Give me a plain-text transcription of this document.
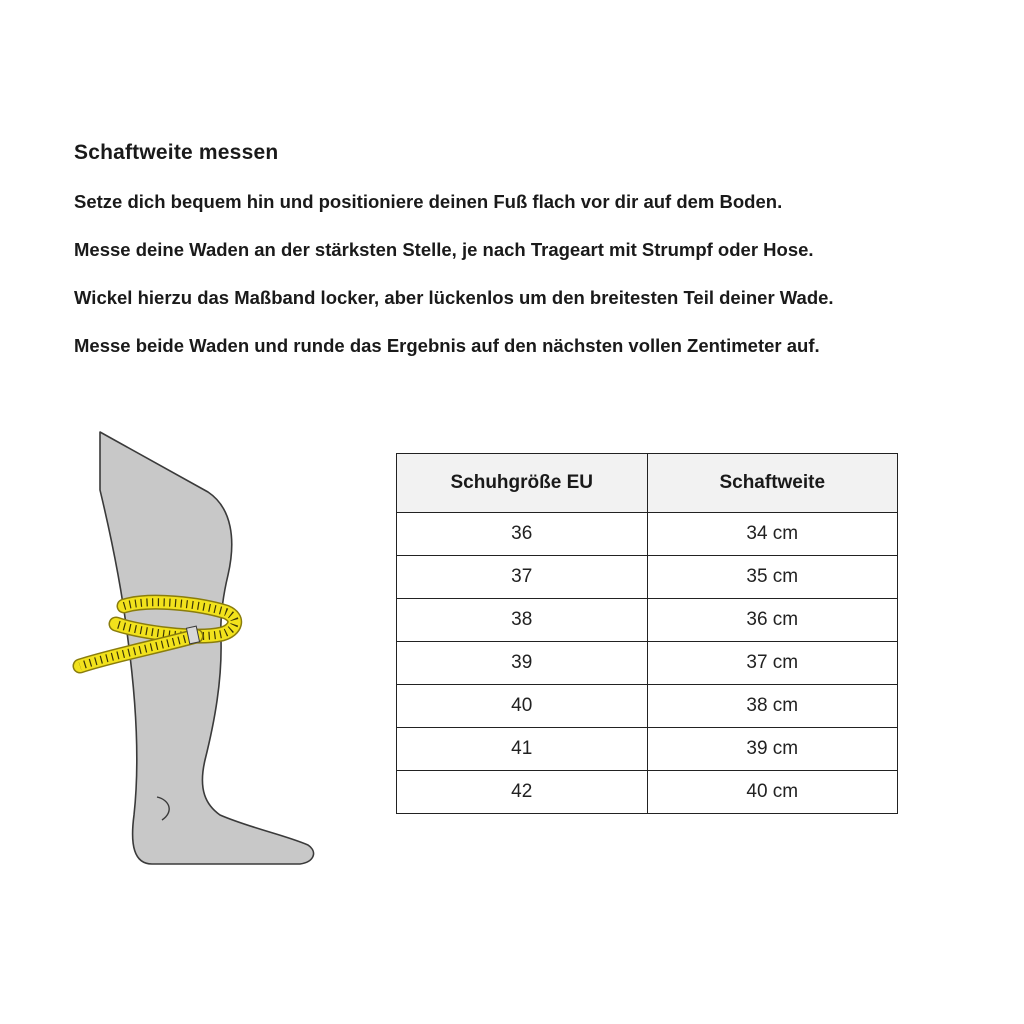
Schaftweite messen

Setze dich bequem hin und positioniere deinen Fuß flach vor dir auf dem Boden.

Messe deine Waden an der stärksten Stelle, je nach Trageart mit Strumpf oder Hose.

Wickel hierzu das Maßband locker, aber lückenlos um den breitesten Teil deiner Wade.

Messe beide Waden und runde das Ergebnis auf den nächsten vollen Zentimeter auf.

Schuhgröße EU	Schaftweite
36	34 cm
37	35 cm
38	36 cm
39	37 cm
40	38 cm
41	39 cm
42	40 cm
